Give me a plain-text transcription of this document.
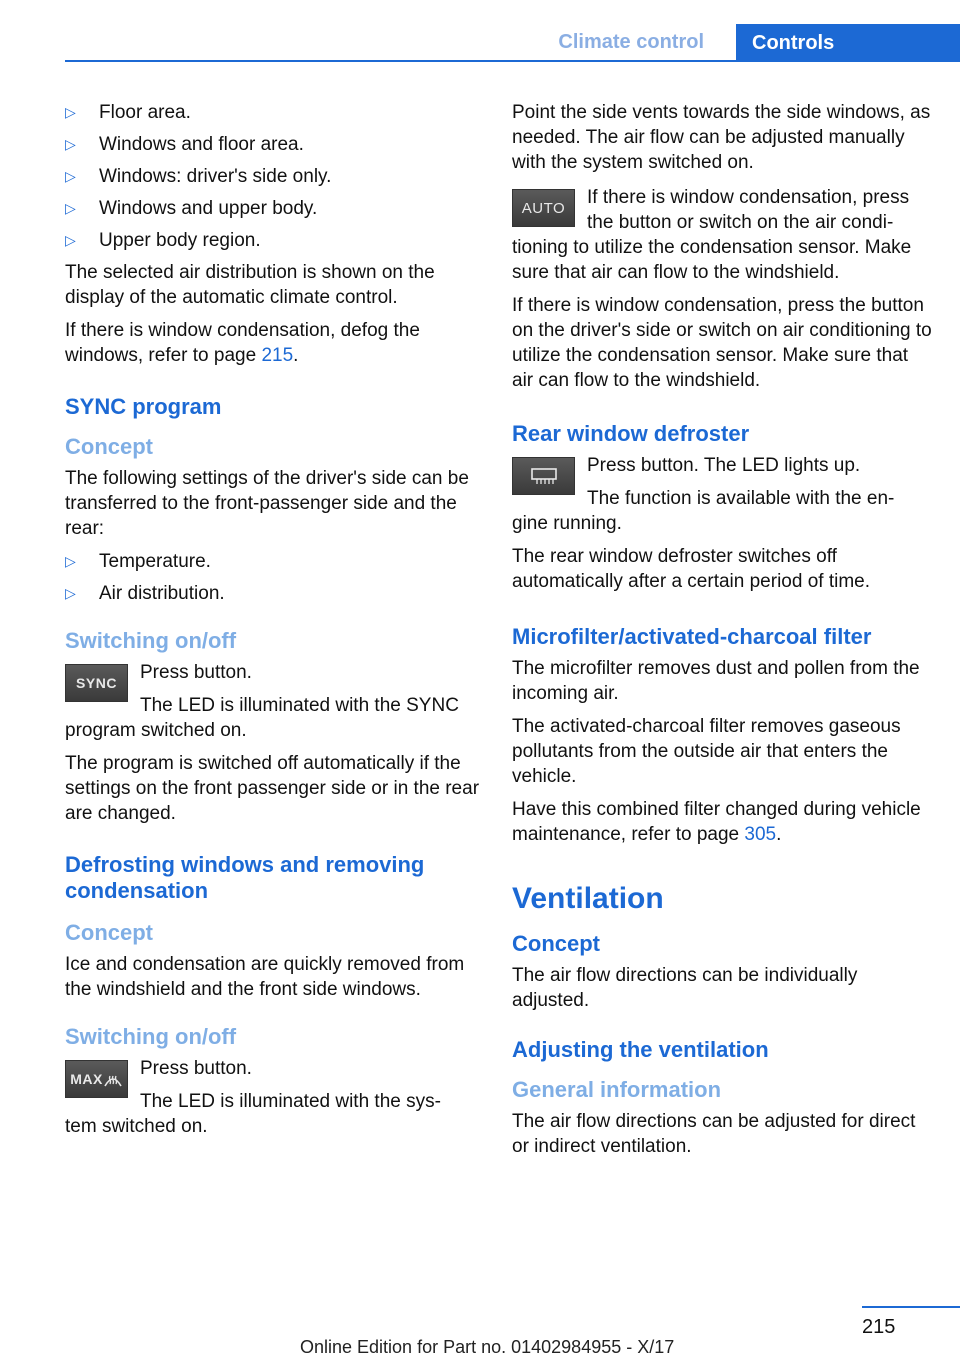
Climate control	Controls
▷ Floor area.
▷ Windows and floor area.
▷ Windows: driver's side only.
▷ Windows and upper body.
▷ Upper body region.

The selected air distribution is shown on the display of the automatic climate control.

If there is window condensation, defog the windows, refer to page 215.

SYNC program
Concept

The following settings of the driver's side can be transferred to the front-passenger side and the rear:

▷ Temperature.
▷ Air distribution.
Switching on/off
SYNC	Press button.

The LED is illuminated with the SYNC

program switched on.

The program is switched off automatically if the settings on the front passenger side or in the rear are changed.

Defrosting windows and removing condensation
Concept

Ice and condensation are quickly removed from the windshield and the front side windows.

Switching on/off
MAX Press button.

The LED is illuminated with the sys-

tem switched on.

Point the side vents towards the side windows, as needed. The air flow can be adjusted manually with the system switched on.

AUTO	If there is window condensation, press the button or switch on the air condi-

tioning to utilize the condensation sensor. Make sure that air can flow to the windshield.

If there is window condensation, press the button on the driver's side or switch on air conditioning to utilize the condensation sensor. Make sure that air can flow to the windshield.

Rear window defroster

Press button. The LED lights up.

The function is available with the en-

gine running.

The rear window defroster switches off automatically after a certain period of time.

Microfilter/activated-charcoal filter

The microfilter removes dust and pollen from the incoming air.

The activated-charcoal filter removes gaseous pollutants from the outside air that enters the vehicle.

Have this combined filter changed during vehicle maintenance, refer to page 305.

Ventilation
Concept

The air flow directions can be individually adjusted.

Adjusting the ventilation
General information

The air flow directions can be adjusted for direct or indirect ventilation.

215
Online Edition for Part no. 01402984955 - X/17
